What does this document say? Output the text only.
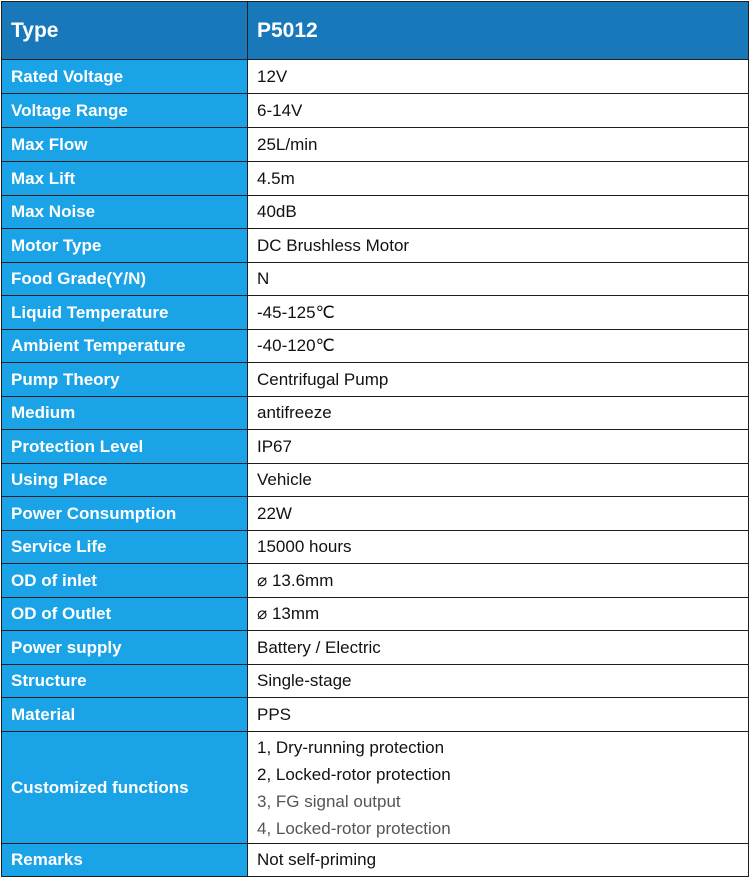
Type	P5012
Rated Voltage	12V
Voltage Range	6-14V
Max Flow	25L/min
Max Lift	4.5m
Max Noise	40dB
Motor Type	DC Brushless Motor
Food Grade(Y/N)	N
Liquid Temperature	-45-125℃
Ambient Temperature	-40-120℃
Pump Theory	Centrifugal Pump
Medium	antifreeze
Protection Level	IP67
Using Place	Vehicle
Power Consumption	22W
Service Life	15000 hours
OD of inlet	⌀ 13.6mm
OD of Outlet	⌀ 13mm
Power supply	Battery / Electric
Structure	Single-stage
Material	PPS
Customized functions	1, Dry-running protection
2, Locked-rotor protection
3, FG signal output
4, Locked-rotor protection

Remarks	Not self-priming
